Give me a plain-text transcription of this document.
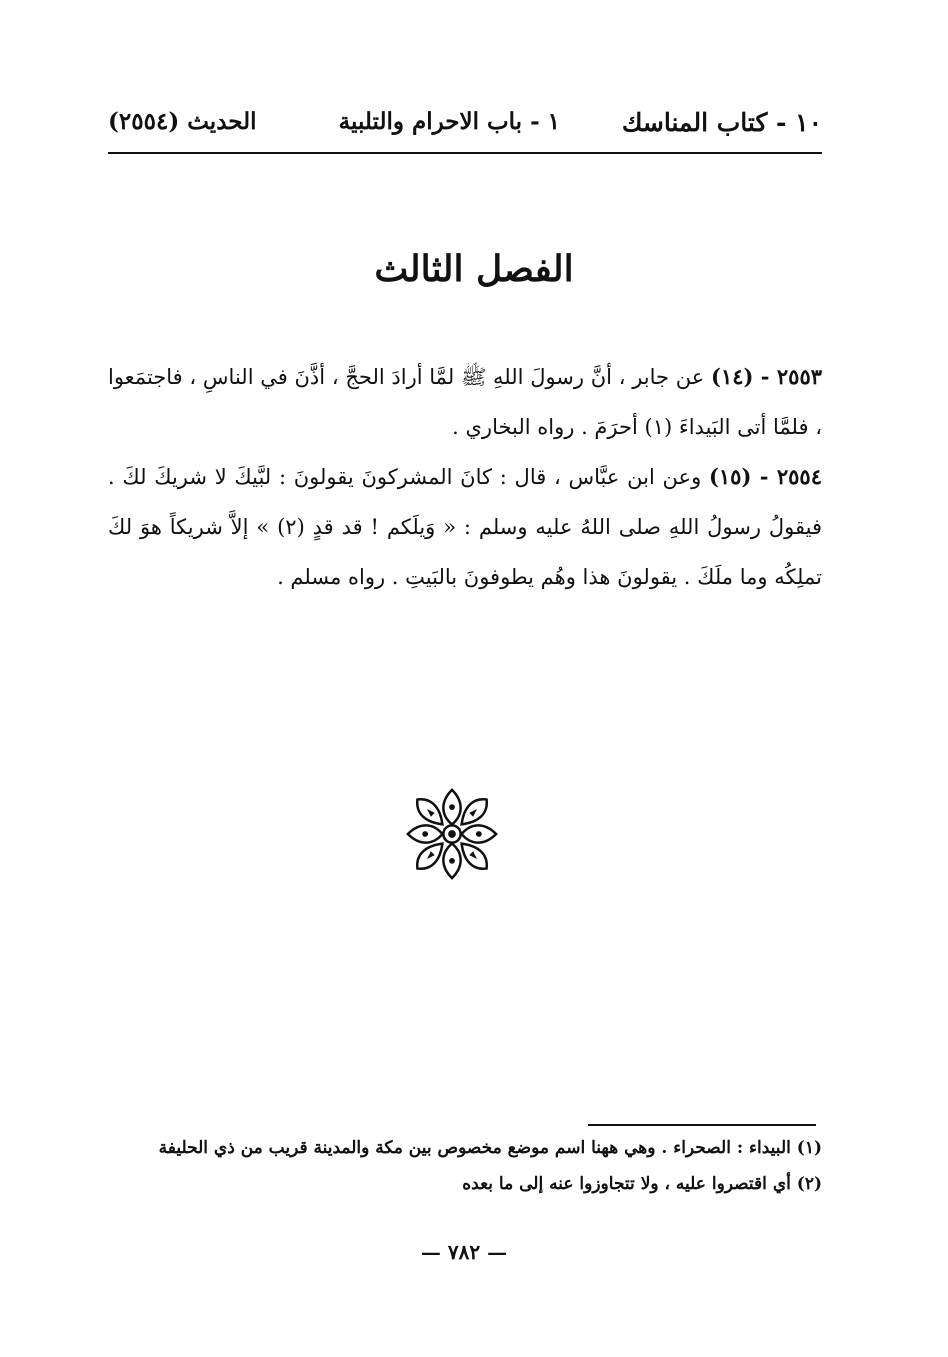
١٠ - كتاب المناسك
١ - باب الاحرام والتلبية
الحديث (٢٥٥٤)
الفصل الثالث

٢٥٥٣ - (١٤) عن جابر ، أنَّ رسولَ اللهِ ﷺ لمَّا أرادَ الحجَّ ، أذَّنَ في الناسِ ، فاجتمَعوا ، فلمَّا أتى البَيداءَ (١) أحرَمَ . رواه البخاري .

٢٥٥٤ - (١٥) وعن ابن عبَّاس ، قال : كانَ المشركونَ يقولونَ : لبَّيكَ لا شريكَ لكَ . فيقولُ رسولُ اللهِ صلى اللهُ عليه وسلم : « وَيلَكم ! قد قدٍ (٢) » إلاَّ شريكاً هوَ لكَ تملِكُه وما ملَكَ . يقولونَ هذا وهُم يطوفونَ بالبَيتِ . رواه مسلم .

(١) البيداء : الصحراء . وهي ههنا اسم موضع مخصوص بين مكة والمدينة قريب من ذي الحليفة

(٢) أي اقتصروا عليه ، ولا تتجاوزوا عنه إلى ما بعده

— ٧٨٢ —
